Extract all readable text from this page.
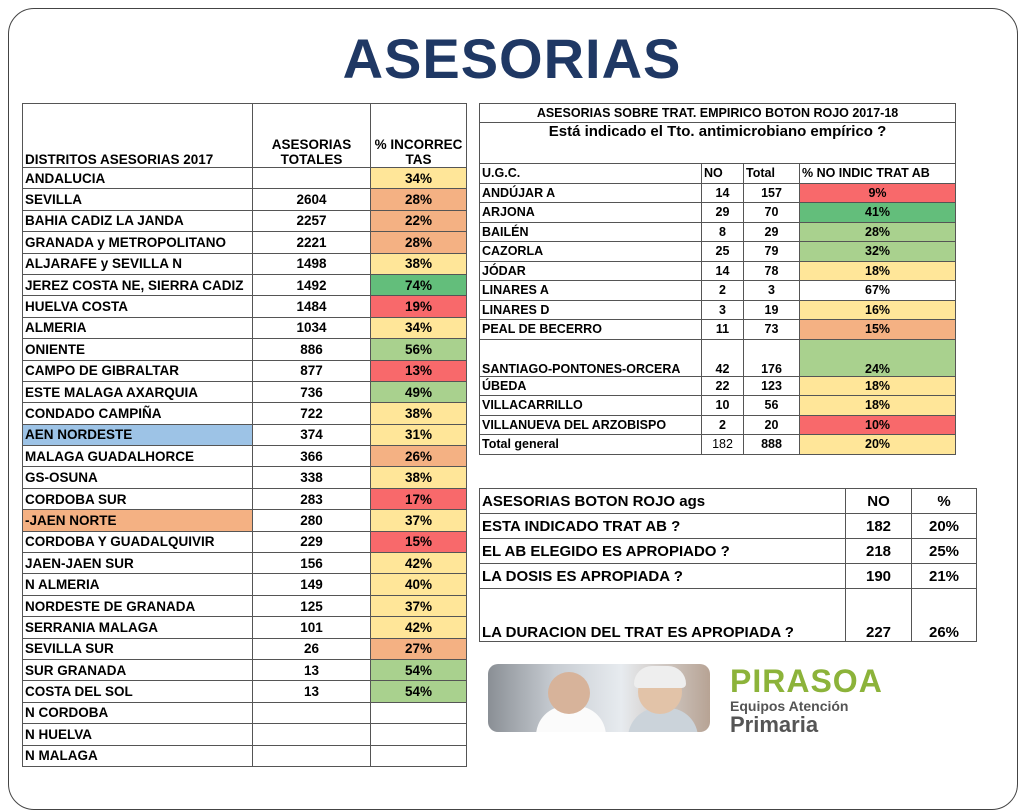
ASESORIAS
DISTRITOS ASESORIAS 2017	ASESORIAS TOTALES	% INCORRECTAS
ANDALUCIA		34%
SEVILLA	2604	28%
BAHIA CADIZ LA JANDA	2257	22%
GRANADA y METROPOLITANO	2221	28%
ALJARAFE y SEVILLA N	1498	38%
JEREZ COSTA NE, SIERRA CADIZ	1492	74%
HUELVA COSTA	1484	19%
ALMERIA	1034	34%
ONIENTE	886	56%
CAMPO DE GIBRALTAR	877	13%
ESTE MALAGA AXARQUIA	736	49%
CONDADO CAMPIÑA	722	38%
AEN NORDESTE	374	31%
MALAGA GUADALHORCE	366	26%
GS-OSUNA	338	38%
CORDOBA SUR	283	17%
-JAEN NORTE	280	37%
CORDOBA Y GUADALQUIVIR	229	15%
JAEN-JAEN SUR	156	42%
N ALMERIA	149	40%
NORDESTE DE GRANADA	125	37%
SERRANIA MALAGA	101	42%
SEVILLA SUR	26	27%
SUR GRANADA	13	54%
COSTA DEL SOL	13	54%
N CORDOBA		
N HUELVA		
N MALAGA		
ASESORIAS SOBRE TRAT. EMPIRICO BOTON ROJO 2017-18			
Está indicado el Tto. antimicrobiano empírico ?			
U.G.C.	NO	Total	% NO INDIC TRAT AB
ANDÚJAR A	14	157	9%
ARJONA	29	70	41%
BAILÉN	8	29	28%
CAZORLA	25	79	32%
JÓDAR	14	78	18%
LINARES A	2	3	67%
LINARES D	3	19	16%
PEAL DE BECERRO	11	73	15%
SANTIAGO-PONTONES-ORCERA	42	176	24%
ÚBEDA	22	123	18%
VILLACARRILLO	10	56	18%
VILLANUEVA DEL ARZOBISPO	2	20	10%
Total general	182	888	20%
ASESORIAS BOTON ROJO ags	NO	%
ESTA INDICADO TRAT AB ?	182	20%
EL AB ELEGIDO ES APROPIADO ?	218	25%
LA DOSIS ES APROPIADA ?	190	21%
LA DURACION DEL TRAT ES APROPIADA ?	227	26%
PIRASOA
Equipos Atención
Primaria
